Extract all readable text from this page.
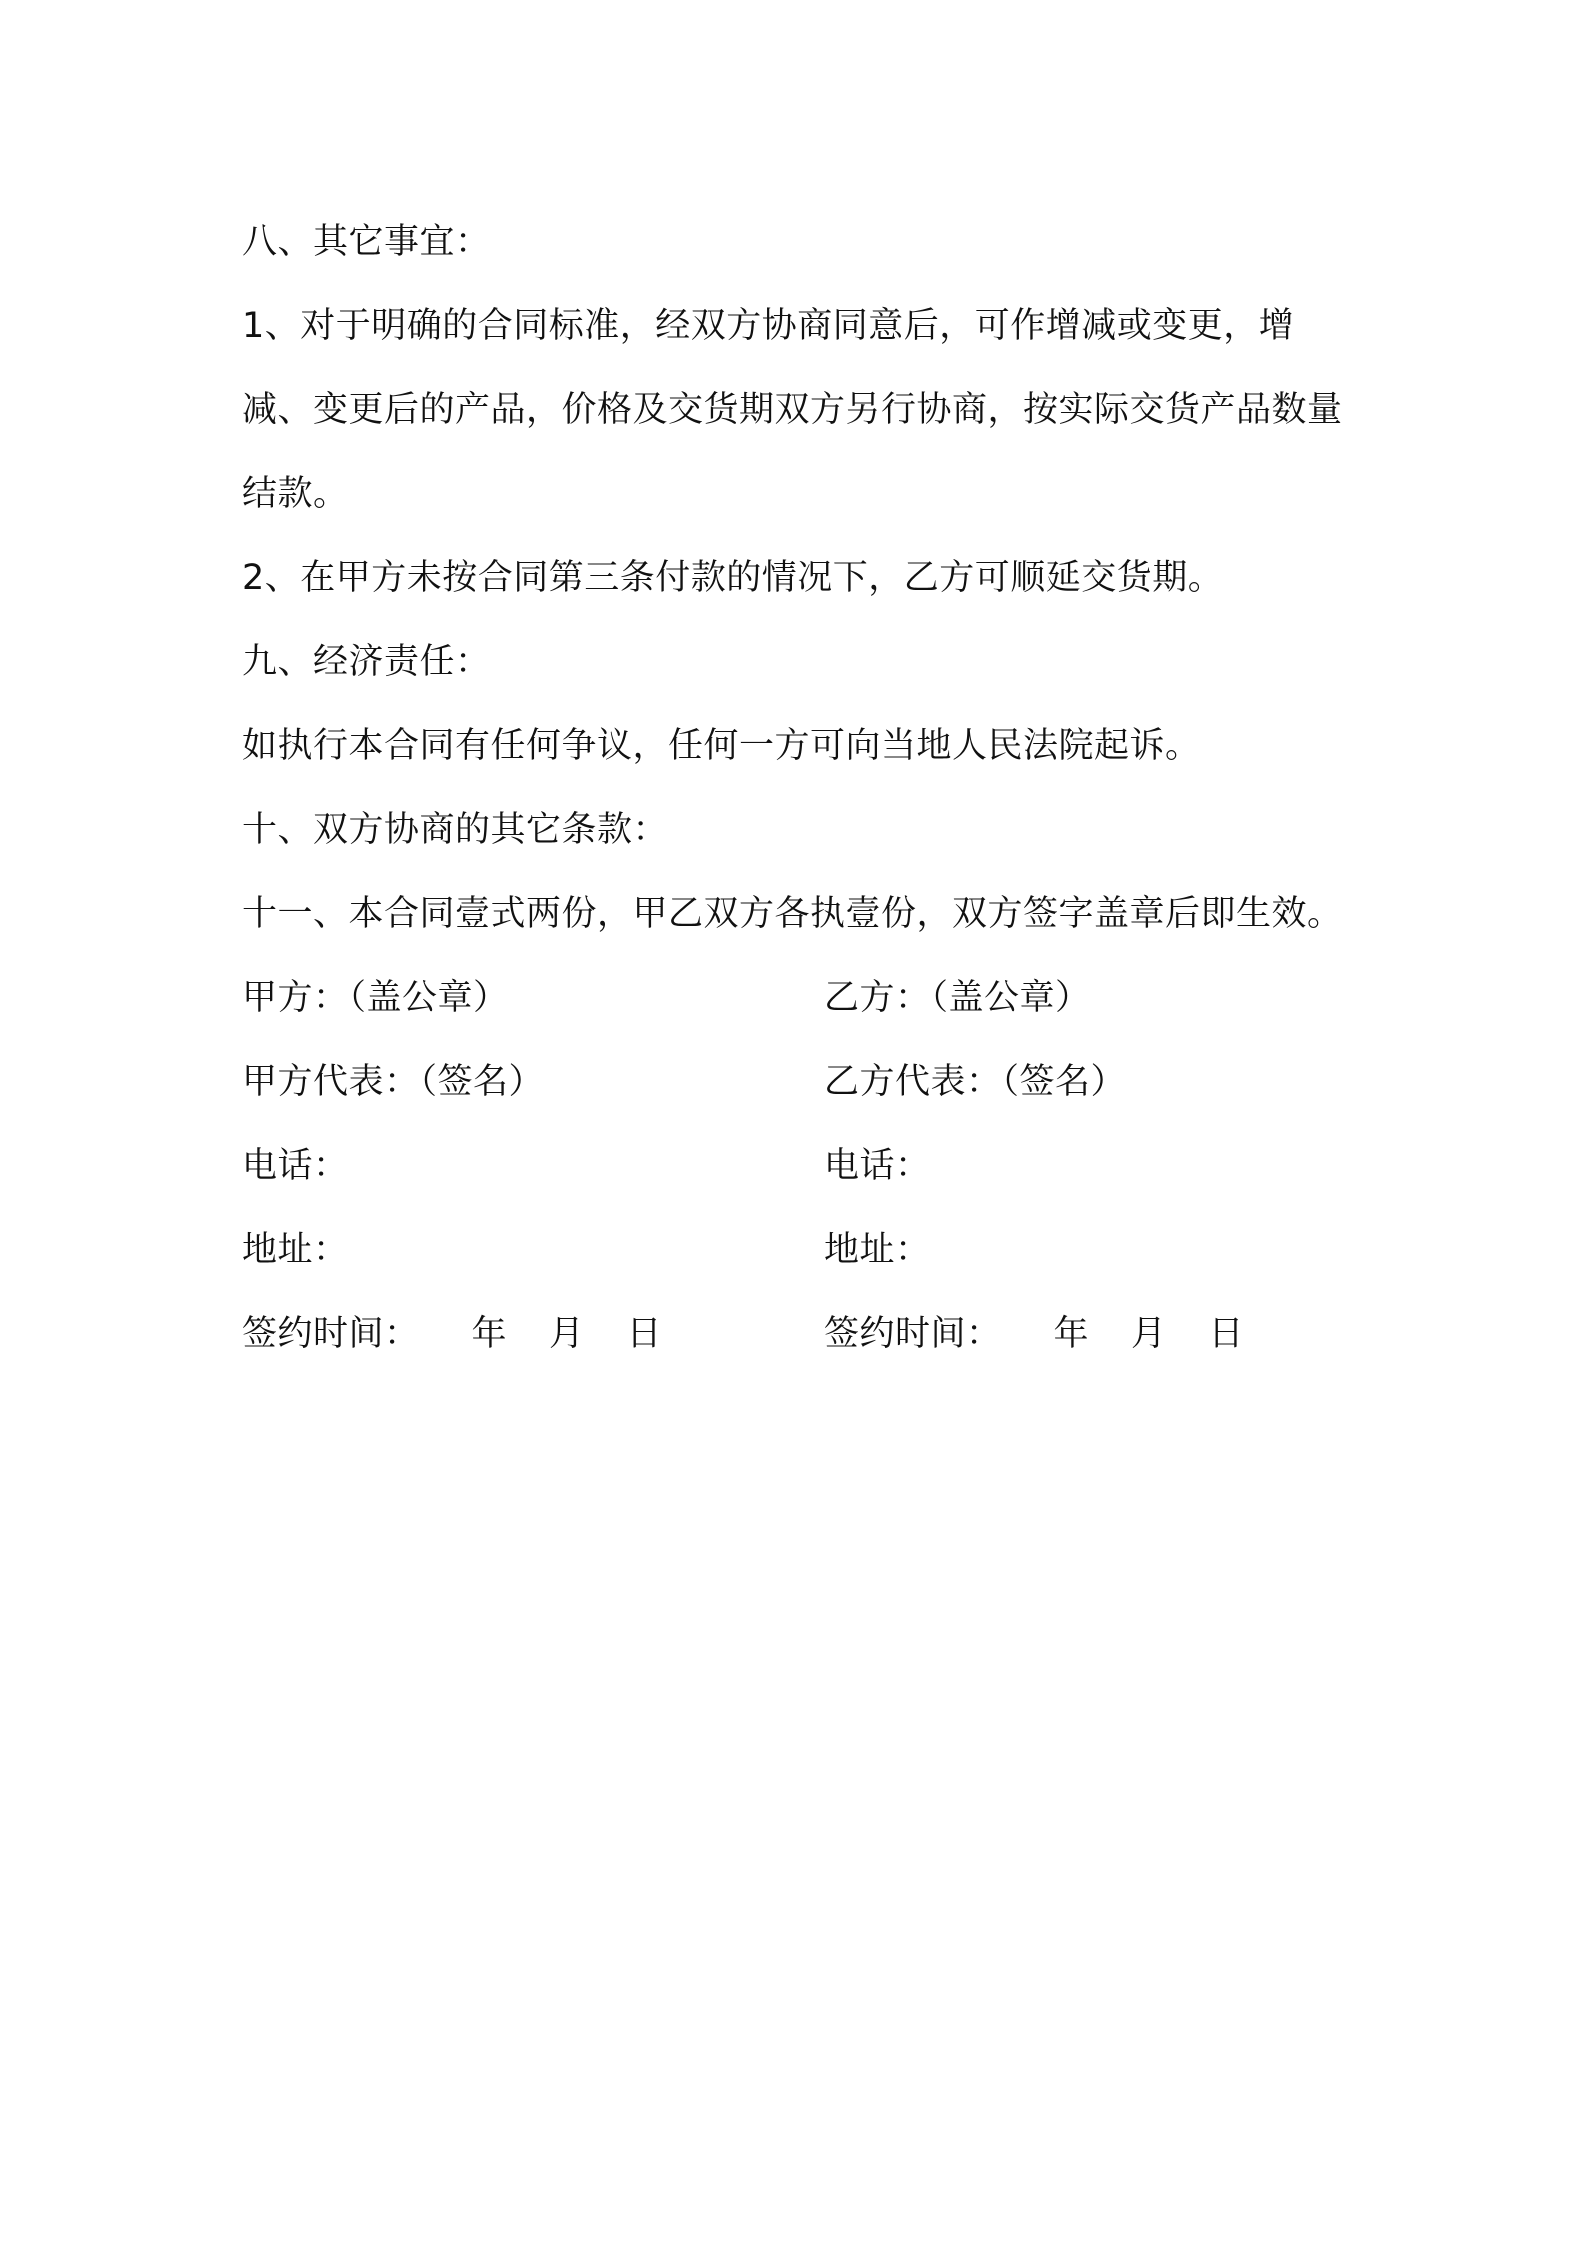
八、其它事宜：
1、对于明确的合同标准，经双方协商同意后，可作增减或变更，增减、变更后的产品，价格及交货期双方另行协商，按实际交货产品数量结款。
2、在甲方未按合同第三条付款的情况下，乙方可顺延交货期。
九、经济责任：
如执行本合同有任何争议，任何一方可向当地人民法院起诉。
十、双方协商的其它条款：
十一、本合同壹式两份，甲乙双方各执壹份，双方签字盖章后即生效。
甲方：（盖公章）	乙方：（盖公章）
甲方代表：（签名）	乙方代表：（签名）
电话：	电话：
地址：	地址：
签约时间： 年 月 日	签约时间： 年 月 日
